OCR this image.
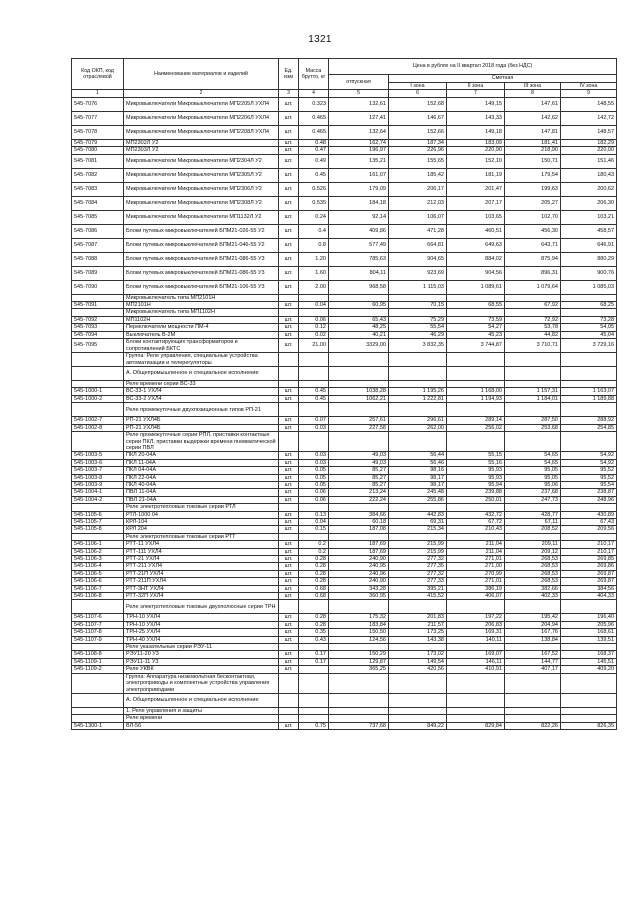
1321
Код ОКП, код отраслевой	Наименование материалов и изделий	Ед. изм	Масса брутто, кг	Цена в рублях на II квартал 2018 года (без НДС)				
				отпускная	Сметная			
					I зона	II зона	III зона	IV зона
1	2	3	4	5	6	7	8	9
545-7076	Микровыключатели Микровыключатели МП2205Л УХЛ4	шт.	0.323	132,61	152,68	149,15	147,61	148,55
545-7077	Микровыключатели Микровыключатели МП2206Л УХЛ4	шт.	0.465	127,41	146,67	143,33	142,62	142,72
545-7078	Микровыключатели Микровыключатели МП2208Л УХЛ4	шт.	0.465	132,64	152,66	149,18	147,81	148,57
545-7079	МП2302Л У2	шт.	0.48	162,74	187,34	183,09	181,41	182,29
545-7080	МП2303Л У2	шт.	0.47	196,97	226,96	220,90	218,90	220,00
545-7081	Микровыключатели Микровыключатели МП2304Л У2	шт.	0.49	135,21	155,65	152,10	150,71	151,46
545-7082	Микровыключатели Микровыключатели МП2305Л У2	шт.	0.45	161,07	185,42	181,19	179,54	180,43
545-7083	Микровыключатели Микровыключатели МП2306Л У2	шт.	0.526	179,09	206,17	201,47	199,63	200,62
545-7084	Микровыключатели Микровыключатели МП2308Л У2	шт.	0.535	184,18	212,03	207,17	205,27	206,30
545-7085	Микровыключатели Микровыключатели МП1132Л У2	шт.	0.24	92,14	106,07	103,65	102,70	103,21
545-7086	Блоки путевых микровыключателей БПМ21-026-55 У2	шт.	0.4	409,86	471,28	460,51	456,30	458,57
545-7087	Блоки путевых микровыключателей БПМ21-046-55 У2	шт.	0.8	577,49	664,81	649,63	643,71	646,91
545-7088	Блоки путевых микровыключателей БПМ21-086-55 У3	шт.	1.20	785,63	904,65	884,02	875,94	880,29
545-7089	Блоки путевых микровыключателей БПМ21-086-55 У3	шт.	1.60	804,11	923,69	904,56	896,31	900,76
545-7090	Блоки путевых микровыключателей БПМ21-106-55 У3	шт.	2.00	968,58	1 115,03	1 089,61	1 079,64	1 085,03
	Микровыключатель типа МП2101Н							
545-7091	МП2101Н	шт.	0.04	60,95	70,15	68,55	67,92	68,25
	Микровыключатель типа МП1102Н							
545-7092	МП1102Н	шт.	0.06	65,43	75,29	73,59	72,92	73,28
545-7093	Переключатели мощности ПМ-4	шт.	0.12	48,25	55,54	54,27	53,78	54,05
545-7094	Выключатель В-2М	шт.	0.02	40,21	46,29	45,23	44,82	45,04
545-7095	Блоки контактирующих трансформаторов и сопротивлений БКТС	шт.	21.00	3329,00	3 832,35	3 744,87	3 710,71	3 729,16
	Группа: Реле управления, специальные устройства автоматизации и телерегуляторы							
	А. Общепромышленное и специальное исполнение							
	Реле времени серии ВС-33							
545-1000-1	ВС-33-1 УХЛ4	шт.	0.45	1038,28	1 195,26	1 168,00	1 157,31	1 163,07
545-1000-2	ВС-33-2 УХЛ4	шт.	0.45	1062,21	1 222,81	1 194,93	1 184,01	1 189,88
	Реле промежуточные двухпозиционные типов РП-21							
545-1002-7	РП-21 УХЛ4Б	шт.	0.07	257,61	296,61	289,14	287,50	288,92
545-1002-8	РП-21 УХЛ4Б	шт.	0.03	227,58	262,00	256,02	253,68	254,85
	Реле промежуточные серии РПЛ, приставки контактные серии ПКЛ, приставки выдержки времени пневматической серии ПВЛ							
545-1003-5	ПКЛ 20-04А	шт.	0.03	49,03	56,44	55,15	54,65	54,92
545-1003-6	ПКЛ 11-04А	шт.	0.03	49,03	56,46	55,16	54,65	54,92
545-1003-7	ПКЛ 04-04А	шт.	0.05	85,27	98,16	95,93	95,05	95,52
545-1003-8	ПКЛ 22-04А	шт.	0.05	85,27	98,17	95,93	95,05	95,52
545-1003-9	ПКЛ 40-04А	шт.	0.05	85,27	98,17	95,94	95,06	95,54
545-1004-1	ПВЛ 11-04А	шт.	0.06	213,24	245,48	239,88	237,68	238,87
545-1004-2	ПВЛ 21-04А	шт.	0.06	222,24	255,86	250,01	247,73	248,96
	Реле электротепловые токовые серии РТЛ							
545-1105-6	РТЛ-1000 04	шт.	0.13	384,66	442,83	432,72	428,77	430,89
545-1105-7	КРЛ-104	шт.	0.04	60,18	69,31	67,72	67,11	67,43
545-1105-8	КРЛ 204	шт.	0.15	187,08	215,34	210,43	208,52	209,56
	Реле электротепловые токовые серии РТТ							
545-1106-1	РТТ-11 УХЛ4	шт.	0.2	187,69	215,99	211,04	209,11	210,17
545-1106-2	РТТ-111 УХЛ4	шт.	0.2	187,69	215,99	211,04	209,12	210,17
545-1106-3	РТТ-21 УХЛ4	шт.	0.28	240,90	277,32	271,01	268,53	269,85
545-1106-4	РТТ-211 УХЛ4	шт.	0.28	240,95	277,35	271,00	268,53	269,86
545-1106-5	РТТ-21П УХЛ4	шт.	0.28	240,96	277,32	270,99	268,53	269,87
545-1106-6	РТТ-211П УХЛ4	шт.	0.28	240,90	277,33	271,01	268,53	269,87
545-1106-7	РТТ-3НТ УХЛ4	шт.	0.68	343,28	395,21	386,19	382,66	384,56
545-1106-8	РТТ-32П УХЛ4	шт.	0.68	360,95	415,52	406,07	402,33	404,33
	Реле электротепловые токовые двухполюсные серии ТРН							
545-1107-6	ТРН-10 УХЛ4	шт.	0.28	175,32	201,83	197,22	195,42	196,40
545-1107-7	ТРН-10 УХЛ4	шт.	0.28	183,84	211,57	206,83	204,94	205,96
545-1107-8	ТРН-25 УХЛ4	шт.	0.35	150,50	173,25	169,31	167,76	168,61
545-1107-9	ТРН-40 УХЛ4	шт.	0.43	124,56	143,38	140,11	138,84	139,51
	Реле указательные серии РЭУ-11							
545-1108-8	РЭУ11-20 У3	шт.	0.17	150,29	173,02	169,07	167,52	168,37
545-1109-1	РЭУ11-11 У3	шт.	0.17	129,87	149,54	146,11	144,77	145,51
545-1109-2	Реле УКВК	шт.		365,25	420,56	410,91	407,17	409,20
	Группа: Аппаратура низковольтная бесконтактная, электроприводы и комплектные устройства управления электроприводами							
	А. Общепромышленное и специальное исполнение							
	1. Реле управления и защиты							
	Реле времени							
545-1300-1	ВЛ-56	шт.	0.75	737,68	849,22	829,84	822,26	826,35
